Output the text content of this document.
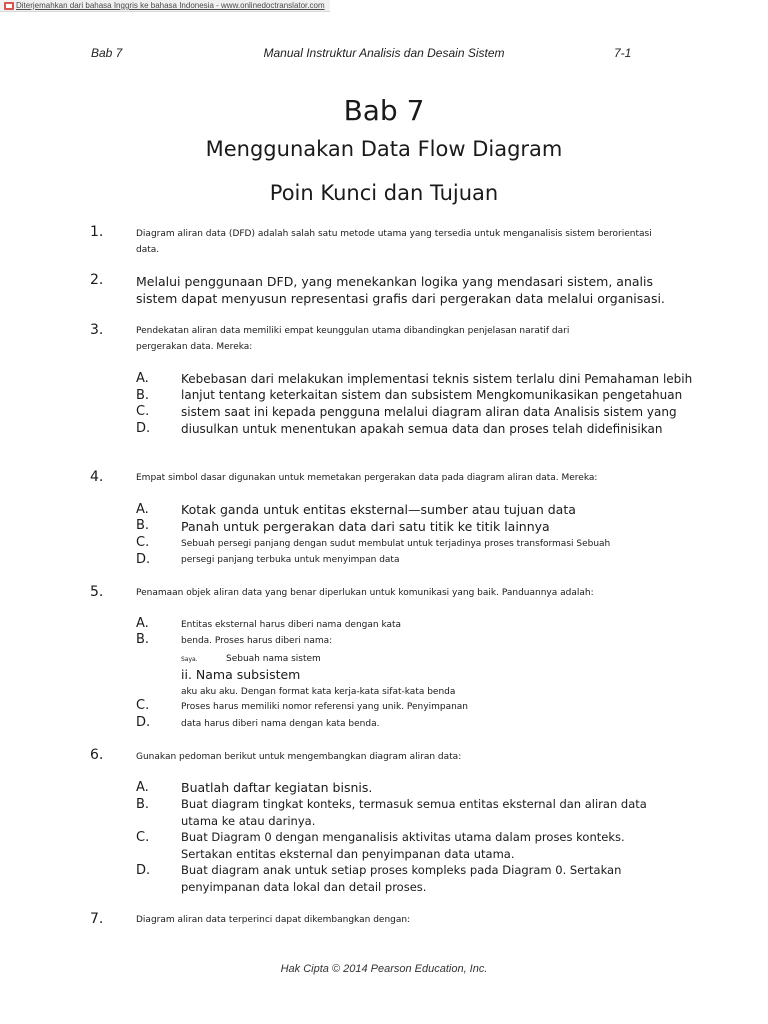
Diterjemahkan dari bahasa Inggris ke bahasa Indonesia - www.onlinedoctranslator.com
Bab 7	Manual Instruktur Analisis dan Desain Sistem	7-1
Bab 7
Menggunakan Data Flow Diagram
Poin Kunci dan Tujuan
1.	Diagram aliran data (DFD) adalah salah satu metode utama yang tersedia untuk menganalisis sistem berorientasi data.
2.	Melalui penggunaan DFD, yang menekankan logika yang mendasari sistem, analis sistem dapat menyusun representasi grafis dari pergerakan data melalui organisasi.
3.	Pendekatan aliran data memiliki empat keunggulan utama dibandingkan penjelasan naratif dari pergerakan data. Mereka:
A.
B.
C.
D.
Kebebasan dari melakukan implementasi teknis sistem terlalu dini Pemahaman lebih
lanjut tentang keterkaitan sistem dan subsistem Mengkomunikasikan pengetahuan
sistem saat ini kepada pengguna melalui diagram aliran data Analisis sistem yang
diusulkan untuk menentukan apakah semua data dan proses telah didefinisikan
4.	Empat simbol dasar digunakan untuk memetakan pergerakan data pada diagram aliran data. Mereka:
A.
B.
C.
D.
Kotak ganda untuk entitas eksternal—sumber atau tujuan data
Panah untuk pergerakan data dari satu titik ke titik lainnya
Sebuah persegi panjang dengan sudut membulat untuk terjadinya proses transformasi Sebuah
persegi panjang terbuka untuk menyimpan data
5.	Penamaan objek aliran data yang benar diperlukan untuk komunikasi yang baik. Panduannya adalah:
A.
B.
Entitas eksternal harus diberi nama dengan kata
benda. Proses harus diberi nama:
Saya.	Sebuah nama sistem
ii. Nama subsistem
aku aku aku. Dengan format kata kerja-kata sifat-kata benda
C.
D.
Proses harus memiliki nomor referensi yang unik. Penyimpanan
data harus diberi nama dengan kata benda.
6.	Gunakan pedoman berikut untuk mengembangkan diagram aliran data:
A.
B.
C.
D.
Buatlah daftar kegiatan bisnis.
Buat diagram tingkat konteks, termasuk semua entitas eksternal dan aliran data utama ke atau darinya.
Buat Diagram 0 dengan menganalisis aktivitas utama dalam proses konteks. Sertakan entitas eksternal dan penyimpanan data utama.
Buat diagram anak untuk setiap proses kompleks pada Diagram 0. Sertakan penyimpanan data lokal dan detail proses.
7.	Diagram aliran data terperinci dapat dikembangkan dengan:
Hak Cipta © 2014 Pearson Education, Inc.
